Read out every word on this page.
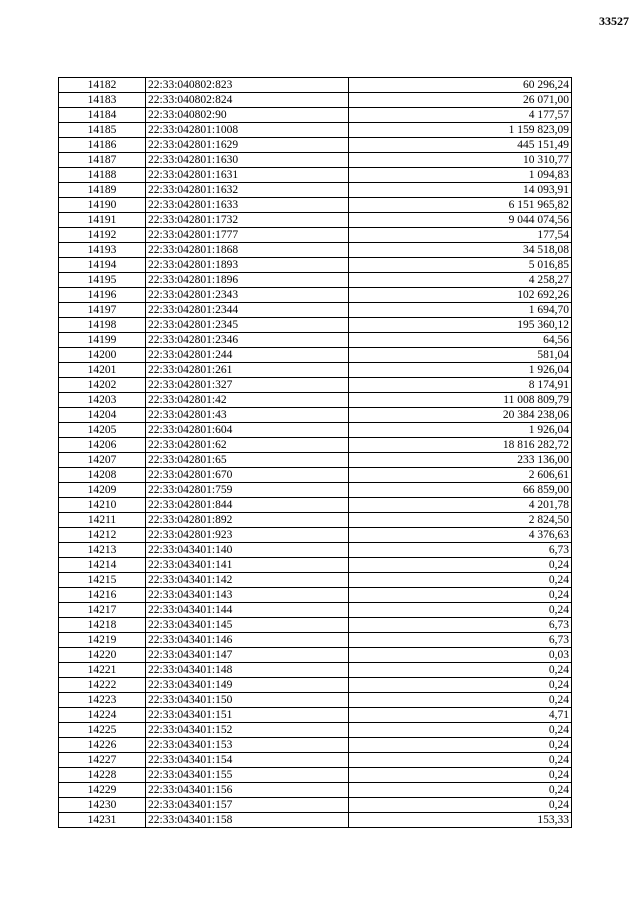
33527
14182	22:33:040802:823	60 296,24
14183	22:33:040802:824	26 071,00
14184	22:33:040802:90	4 177,57
14185	22:33:042801:1008	1 159 823,09
14186	22:33:042801:1629	445 151,49
14187	22:33:042801:1630	10 310,77
14188	22:33:042801:1631	1 094,83
14189	22:33:042801:1632	14 093,91
14190	22:33:042801:1633	6 151 965,82
14191	22:33:042801:1732	9 044 074,56
14192	22:33:042801:1777	177,54
14193	22:33:042801:1868	34 518,08
14194	22:33:042801:1893	5 016,85
14195	22:33:042801:1896	4 258,27
14196	22:33:042801:2343	102 692,26
14197	22:33:042801:2344	1 694,70
14198	22:33:042801:2345	195 360,12
14199	22:33:042801:2346	64,56
14200	22:33:042801:244	581,04
14201	22:33:042801:261	1 926,04
14202	22:33:042801:327	8 174,91
14203	22:33:042801:42	11 008 809,79
14204	22:33:042801:43	20 384 238,06
14205	22:33:042801:604	1 926,04
14206	22:33:042801:62	18 816 282,72
14207	22:33:042801:65	233 136,00
14208	22:33:042801:670	2 606,61
14209	22:33:042801:759	66 859,00
14210	22:33:042801:844	4 201,78
14211	22:33:042801:892	2 824,50
14212	22:33:042801:923	4 376,63
14213	22:33:043401:140	6,73
14214	22:33:043401:141	0,24
14215	22:33:043401:142	0,24
14216	22:33:043401:143	0,24
14217	22:33:043401:144	0,24
14218	22:33:043401:145	6,73
14219	22:33:043401:146	6,73
14220	22:33:043401:147	0,03
14221	22:33:043401:148	0,24
14222	22:33:043401:149	0,24
14223	22:33:043401:150	0,24
14224	22:33:043401:151	4,71
14225	22:33:043401:152	0,24
14226	22:33:043401:153	0,24
14227	22:33:043401:154	0,24
14228	22:33:043401:155	0,24
14229	22:33:043401:156	0,24
14230	22:33:043401:157	0,24
14231	22:33:043401:158	153,33
